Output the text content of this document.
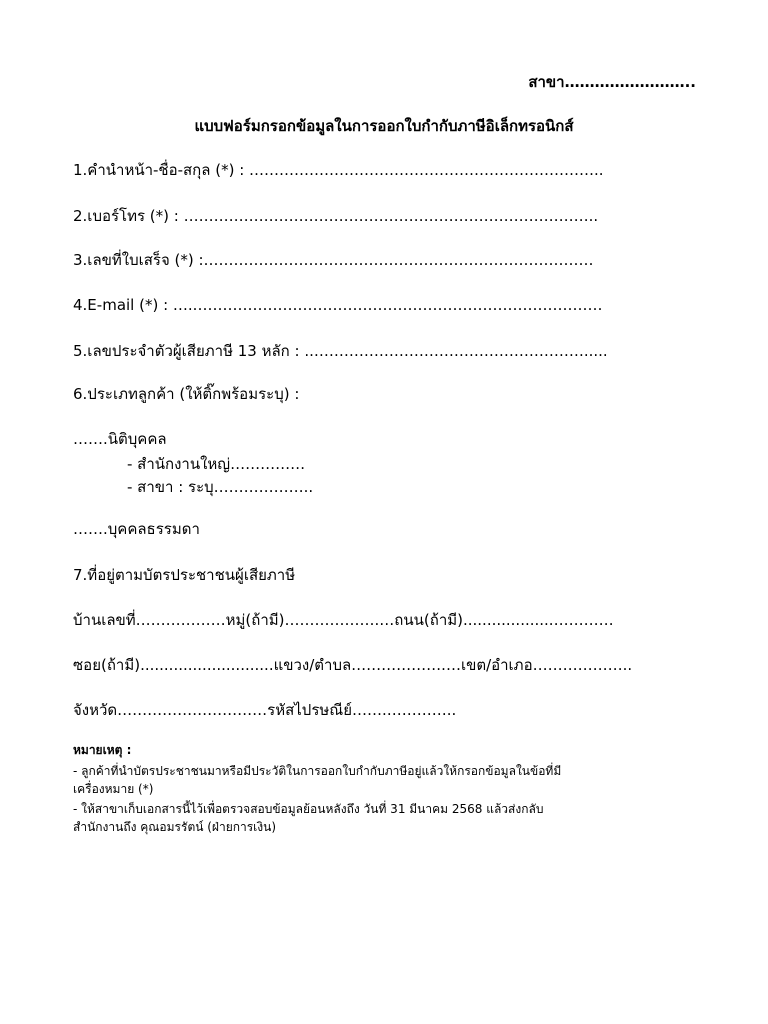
สาขา……………………..
แบบฟอร์มกรอกข้อมูลในการออกใบกำกับภาษีอิเล็กทรอนิกส์
1.คำนำหน้า-ชื่อ-สกุล (*) : ……………………………………………………………..
2.เบอร์โทร (*) : ………………………………………………………………………..
3.เลขที่ใบเสร็จ (*) :……………………………………………………………………
4.E-mail (*) : …..………………………………………………………………………
5.เลขประจำตัวผู้เสียภาษี 13 หลัก : ..……………………………………………….....
6.ประเภทลูกค้า (ให้ติ๊กพร้อมระบุ) :
…….นิติบุคคล
- สำนักงานใหญ่……………
- สาขา : ระบุ………………..
…….บุคคลธรรมดา
7.ที่อยู่ตามบัตรประชาชนผู้เสียภาษี
บ้านเลขที่………………หมู่(ถ้ามี)……………….…ถนน(ถ้ามี)...................…………
ซอย(ถ้ามี)............................แขวง/ตำบล……………….…เขต/อำเภอ………………..
จังหวัด…………………………รหัสไปรษณีย์…….…………..
หมายเหตุ :
- ลูกค้าที่นำบัตรประชาชนมาหรือมีประวัติในการออกใบกำกับภาษีอยู่แล้วให้กรอกข้อมูลในข้อที่มี
เครื่องหมาย (*)
- ให้สาขาเก็บเอกสารนี้ไว้เพื่อตรวจสอบข้อมูลย้อนหลังถึง วันที่ 31 มีนาคม 2568 แล้วส่งกลับ
สำนักงานถึง คุณอมรรัตน์ (ฝ่ายการเงิน)
